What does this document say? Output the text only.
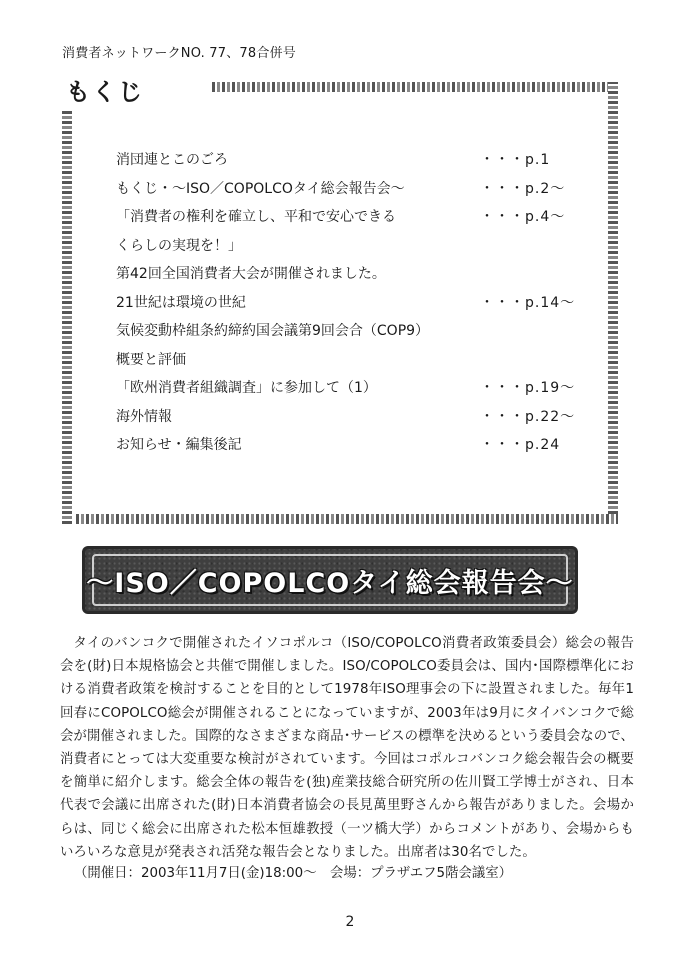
消費者ネットワークNO. 77、78合併号
もくじ
消団連とこのごろ	・・・p.1
もくじ・～ISO／COPOLCOタイ総会報告会～	・・・p.2～
「消費者の権利を確立し、平和で安心できる	・・・p.4～
くらしの実現を！」
第42回全国消費者大会が開催されました。
21世紀は環境の世紀	・・・p.14～
気候変動枠組条約締約国会議第9回会合（COP9）
概要と評価
「欧州消費者組織調査」に参加して（1）	・・・p.19～
海外情報	・・・p.22～
お知らせ・編集後記	・・・p.24
～ISO／COPOLCOタイ総会報告会～
タイのバンコクで開催されたイソコポルコ（ISO/COPOLCO消費者政策委員会）総会の報告会を(財)日本規格協会と共催で開催しました。ISO/COPOLCO委員会は、国内･国際標準化における消費者政策を検討することを目的として1978年ISO理事会の下に設置されました。毎年1回春にCOPOLCO総会が開催されることになっていますが、2003年は9月にタイバンコクで総会が開催されました。国際的なさまざまな商品･サービスの標準を決めるという委員会なので、消費者にとっては大変重要な検討がされています。今回はコポルコバンコク総会報告会の概要を簡単に紹介します。総会全体の報告を(独)産業技総合研究所の佐川賢工学博士がされ、日本代表で会議に出席された(財)日本消費者協会の長見萬里野さんから報告がありました。会場からは、同じく総会に出席された松本恒雄教授（一ツ橋大学）からコメントがあり、会場からもいろいろな意見が発表され活発な報告会となりました。出席者は30名でした。
（開催日：2003年11月7日(金)18:00～　会場：プラザエフ5階会議室）
2
